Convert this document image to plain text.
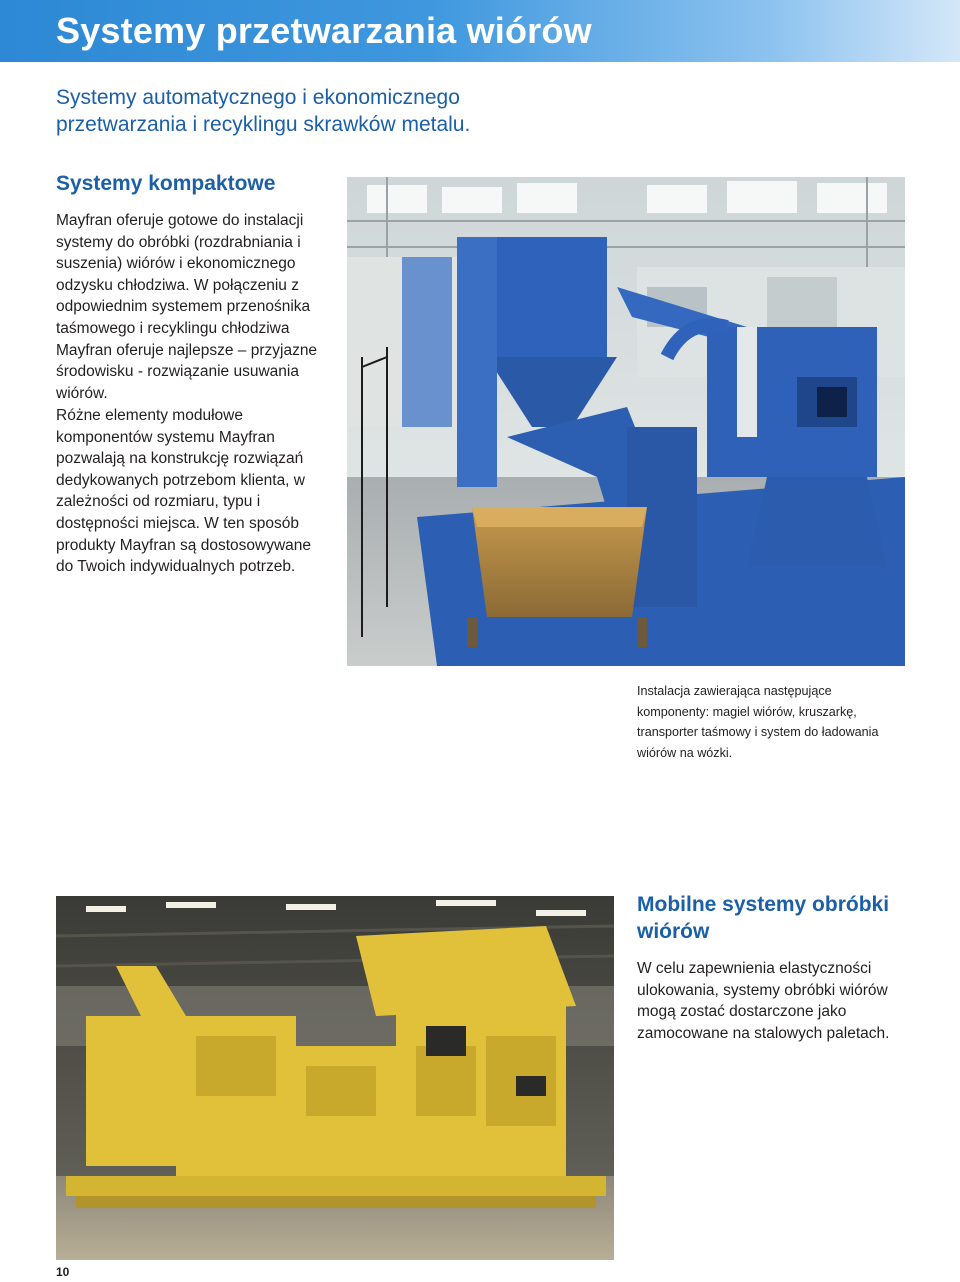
Systemy przetwarzania wiórów
Systemy automatycznego i ekonomicznego przetwarzania i recyklingu skrawków metalu.
Systemy kompaktowe
Mayfran oferuje gotowe do instalacji systemy do obróbki (rozdrabniania i suszenia) wiórów i ekonomicznego odzysku chłodziwa. W połączeniu z odpowiednim systemem przenośnika taśmowego i recyklingu chłodziwa Mayfran oferuje najlepsze – przyjazne środowisku - rozwiązanie usuwania wiórów.
Różne elementy modułowe komponentów systemu Mayfran pozwalają na konstrukcję rozwiązań dedykowanych potrzebom klienta, w zależności od rozmiaru, typu i dostępności miejsca. W ten sposób produkty Mayfran są dostosowywane do Twoich indywidualnych potrzeb.
Instalacja zawierająca następujące komponenty: magiel wiórów, kruszarkę, transporter taśmowy i system do ładowania wiórów na wózki.
Mobilne systemy obróbki wiórów
W celu zapewnienia elastyczności ulokowania, systemy obróbki wiórów mogą zostać dostarczone jako zamocowane na stalowych paletach.
10
